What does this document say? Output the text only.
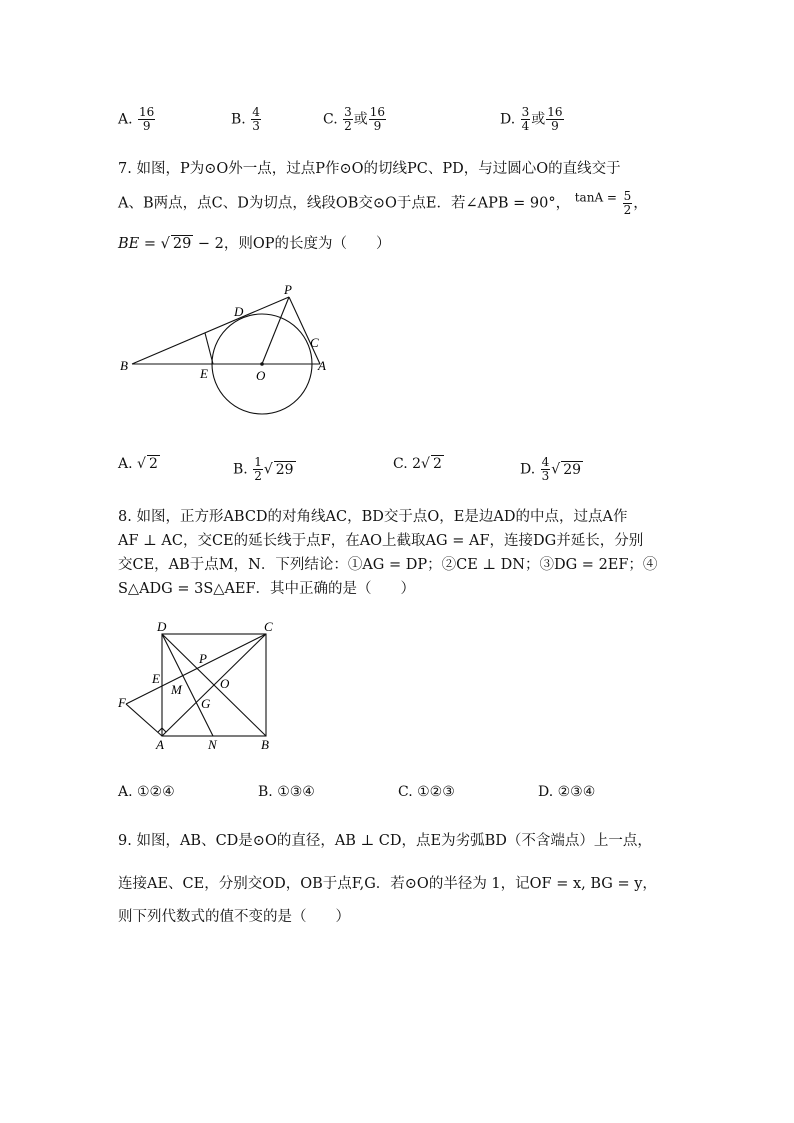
A. $\frac{16}{9}$	B. $\frac{4}{3}$	C. $\frac{3}{2}$ 或 $\frac{16}{9}$	D. $\frac{3}{4}$ 或 $\frac{16}{9}$
7. 如图，P为⊙O外一点，过点P作⊙O的切线PC、PD，与过圆心O的直线交于
A、B两点，点C、D为切点，线段OB交⊙O于点E．若∠APB = 90°， $^{tanA =} \frac{5}{2}$ ，
BE = √ 29 − 2，则OP的长度为（　　）
P
D
C
B
E	O
A
A. √ 2	B. $\frac{1}{2}$ √ 29	C. 2√ 2	D. $\frac{4}{3}$ √ 29
8. 如图，正方形ABCD的对角线AC，BD交于点O，E是边AD的中点，过点A作
AF ⊥ AC，交CE的延长线于点F，在AO上截取AG = AF，连接DG并延长，分别
交CE，AB于点M，N．下列结论：①AG = DP；②CE ⊥ DN；③DG = 2EF；④
S△ADG = 3S△AEF．其中正确的是（　　）
D	C
P
E
M	O
F	G
A	N	B
A. ①②④	B. ①③④	C. ①②③	D. ②③④
9. 如图，AB、CD是⊙O的直径，AB ⊥ CD，点E为劣弧BD（不含端点）上一点，
连接AE、CE，分别交OD，OB于点F,G．若⊙O的半径为 1，记OF = x, BG = y，
则下列代数式的值不变的是（　　）
